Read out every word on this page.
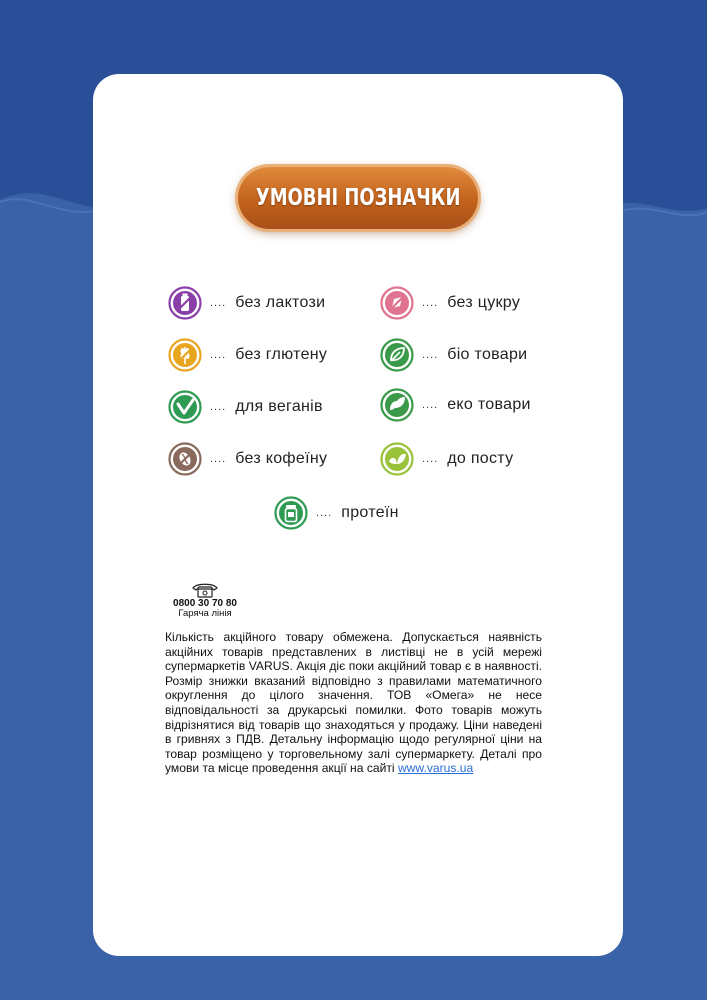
УМОВНІ ПОЗНАЧКИ
.... без лактози	.... без цукру
.... без глютену	.... біо товари
.... для веганів	.... еко товари
.... без кофеїну	.... до посту
.... протеїн
0800 30 70 80
Гаряча лінія

Кількість акційного товару обмежена. Допускається наявність акційних товарів представлених в листівці не в усій мережі супермаркетів VARUS. Акція діє поки акційний товар є в наявності. Розмір знижки вказаний відповідно з правилами математичного округлення до цілого значення. ТОВ «Омега» не несе відповідальності за друкарські помилки. Фото товарів можуть відрізнятися від товарів що знаходяться у продажу. Ціни наведені в гривнях з ПДВ. Детальну інформацію щодо регулярної ціни на товар розміщено у торговельному залі супермаркету. Деталі про умови та місце проведення акції на сайті www.varus.ua
